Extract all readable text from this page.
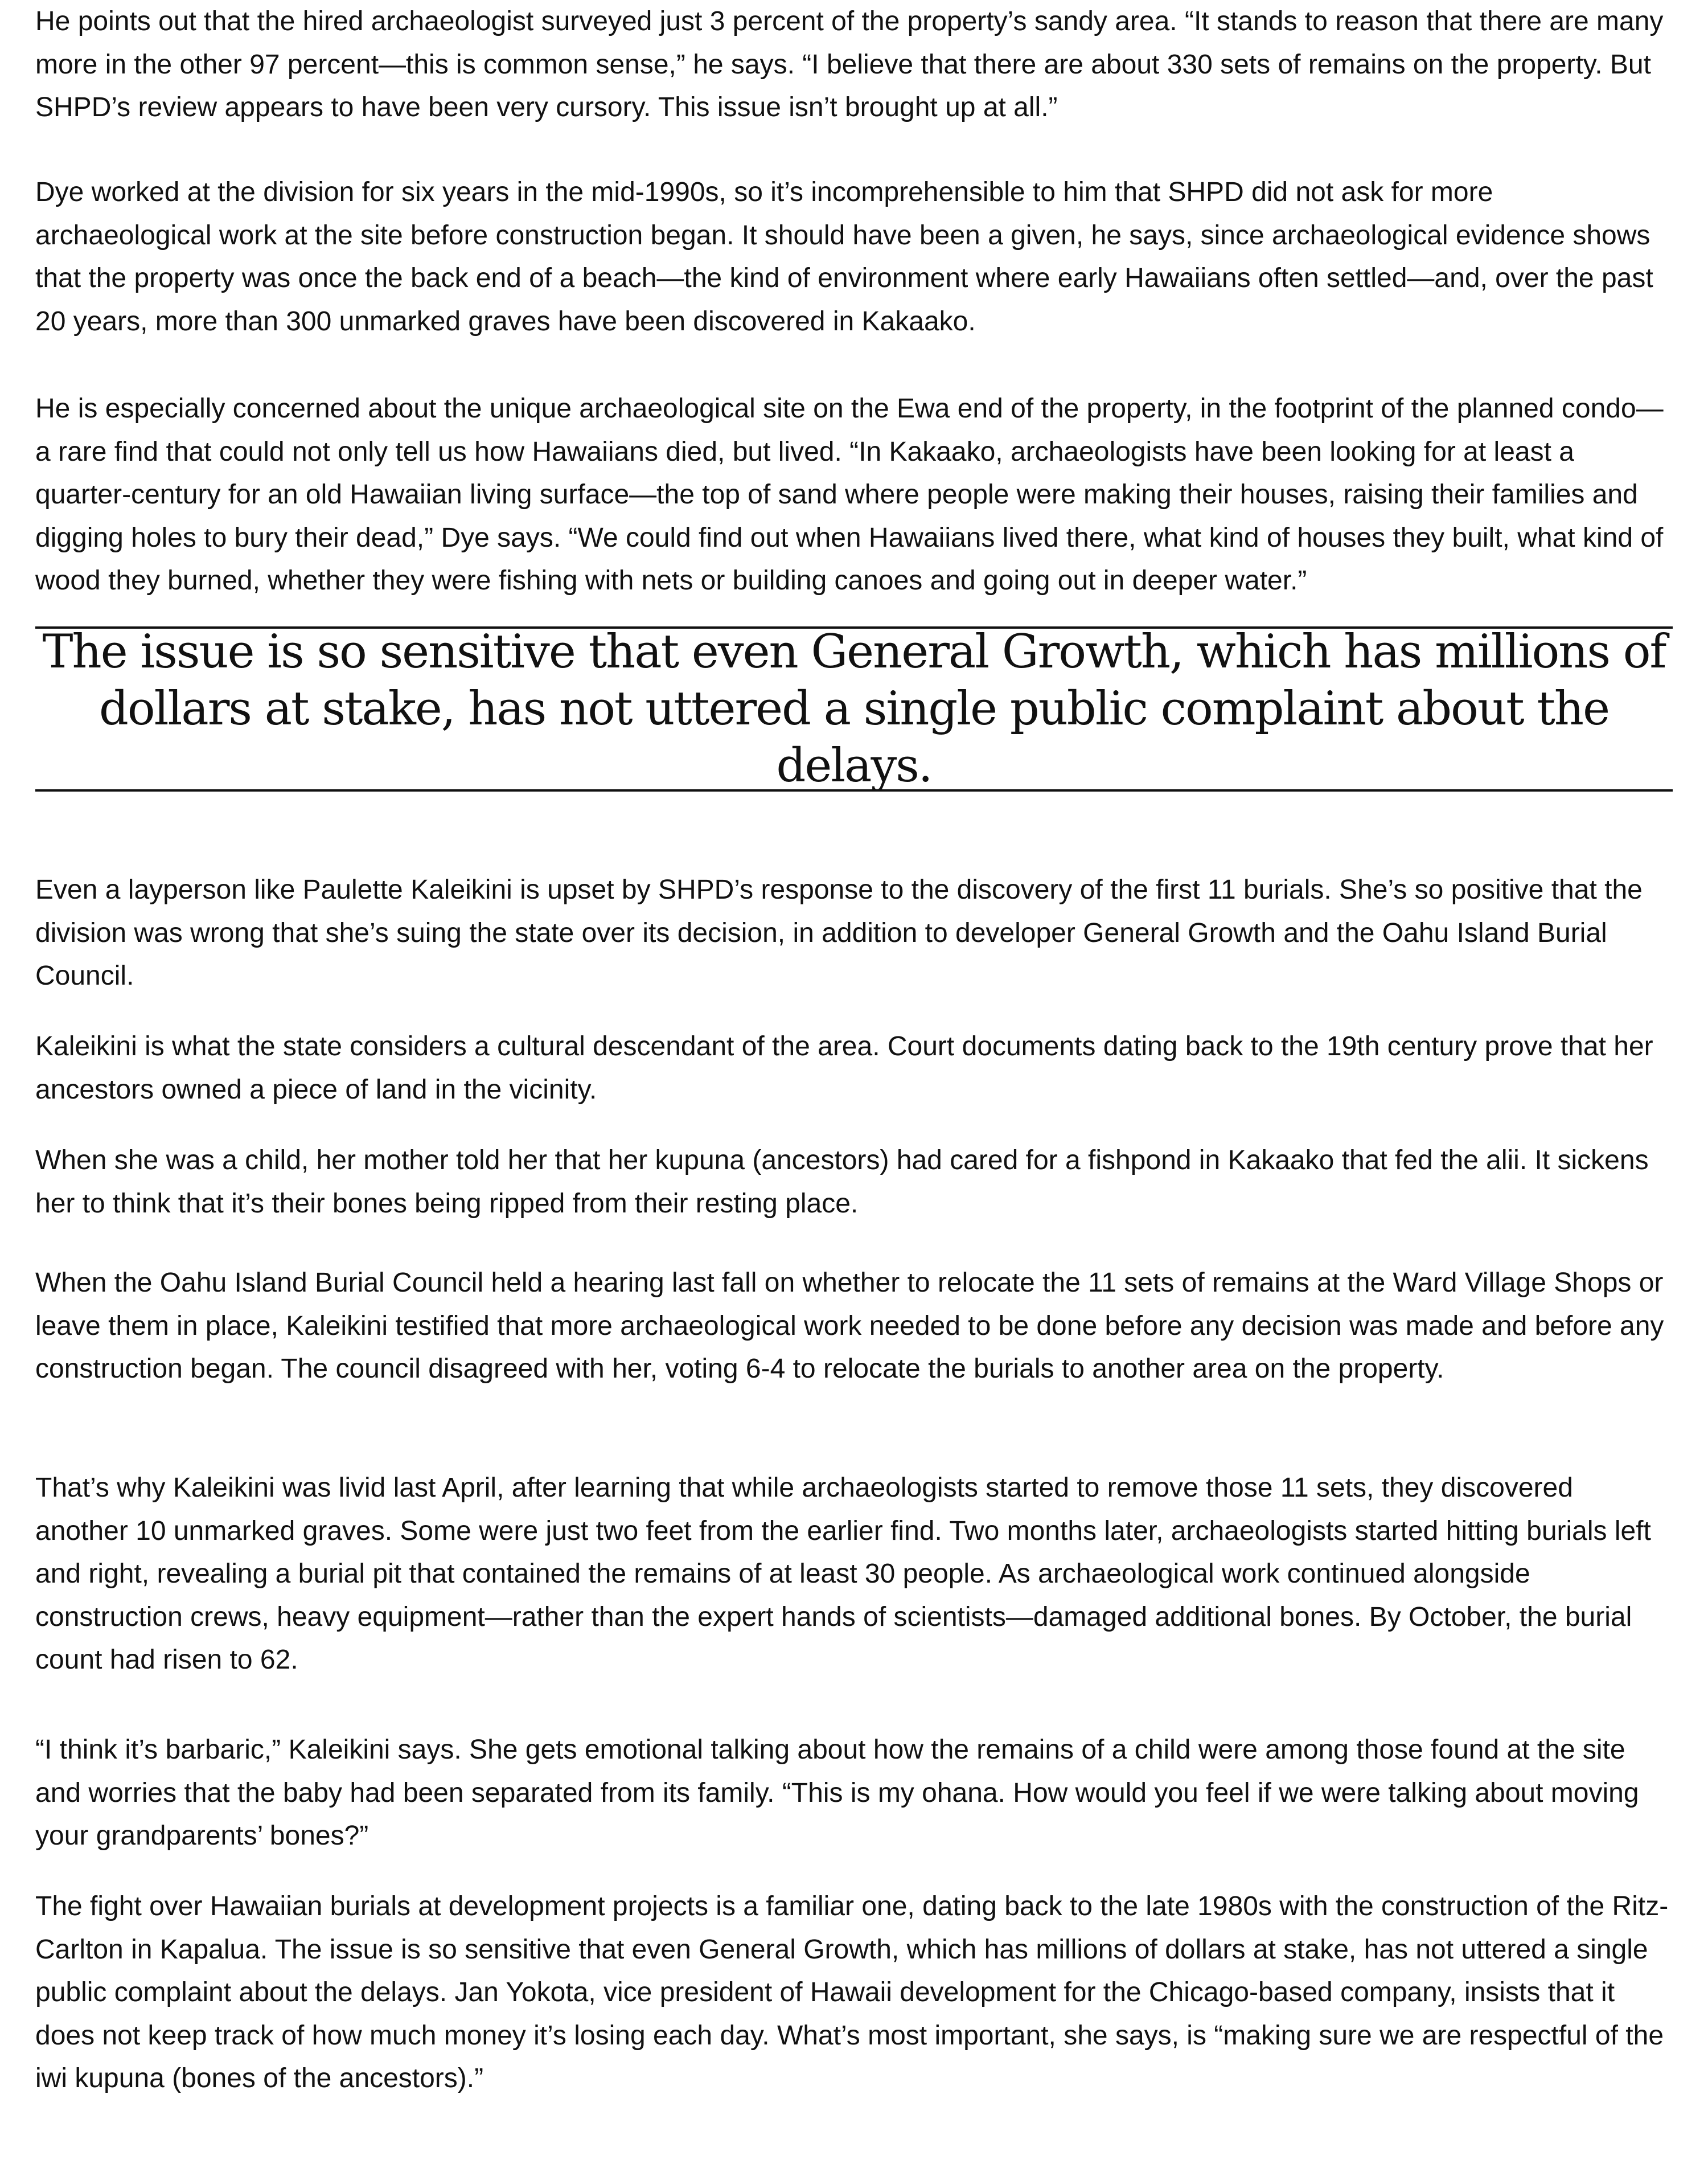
He points out that the hired archaeologist surveyed just 3 percent of the property’s sandy area. “It stands to reason that there are many more in the other 97 percent—this is common sense,” he says. “I believe that there are about 330 sets of remains on the property. But SHPD’s review appears to have been very cursory. This issue isn’t brought up at all.”

Dye worked at the division for six years in the mid-1990s, so it’s incomprehensible to him that SHPD did not ask for more archaeological work at the site before construction began. It should have been a given, he says, since archaeological evidence shows that the property was once the back end of a beach—the kind of environment where early Hawaiians often settled—and, over the past 20 years, more than 300 unmarked graves have been discovered in Kakaako.

He is especially concerned about the unique archaeological site on the Ewa end of the property, in the footprint of the planned condo—a rare find that could not only tell us how Hawaiians died, but lived. “In Kakaako, archaeologists have been looking for at least a quarter-century for an old Hawaiian living surface—the top of sand where people were making their houses, raising their families and digging holes to bury their dead,” Dye says. “We could find out when Hawaiians lived there, what kind of houses they built, what kind of wood they burned, whether they were fishing with nets or building canoes and going out in deeper water.”

The issue is so sensitive that even General Growth, which has millions of dollars at stake, has not uttered a single public complaint about the delays.

Even a layperson like Paulette Kaleikini is upset by SHPD’s response to the discovery of the first 11 burials. She’s so positive that the division was wrong that she’s suing the state over its decision, in addition to developer General Growth and the Oahu Island Burial Council.

Kaleikini is what the state considers a cultural descendant of the area. Court documents dating back to the 19th century prove that her ancestors owned a piece of land in the vicinity.

When she was a child, her mother told her that her kupuna (ancestors) had cared for a fishpond in Kakaako that fed the alii. It sickens her to think that it’s their bones being ripped from their resting place.

When the Oahu Island Burial Council held a hearing last fall on whether to relocate the 11 sets of remains at the Ward Village Shops or leave them in place, Kaleikini testified that more archaeological work needed to be done before any decision was made and before any construction began. The council disagreed with her, voting 6-4 to relocate the burials to another area on the property.

That’s why Kaleikini was livid last April, after learning that while archaeologists started to remove those 11 sets, they discovered another 10 unmarked graves. Some were just two feet from the earlier find. Two months later, archaeologists started hitting burials left and right, revealing a burial pit that contained the remains of at least 30 people. As archaeological work continued alongside construction crews, heavy equipment—rather than the expert hands of scientists—damaged additional bones. By October, the burial count had risen to 62.

“I think it’s barbaric,” Kaleikini says. She gets emotional talking about how the remains of a child were among those found at the site and worries that the baby had been separated from its family. “This is my ohana. How would you feel if we were talking about moving your grandparents’ bones?”

The fight over Hawaiian burials at development projects is a familiar one, dating back to the late 1980s with the construction of the Ritz-Carlton in Kapalua. The issue is so sensitive that even General Growth, which has millions of dollars at stake, has not uttered a single public complaint about the delays. Jan Yokota, vice president of Hawaii development for the Chicago-based company, insists that it does not keep track of how much money it’s losing each day. What’s most important, she says, is “making sure we are respectful of the iwi kupuna (bones of the ancestors).”
